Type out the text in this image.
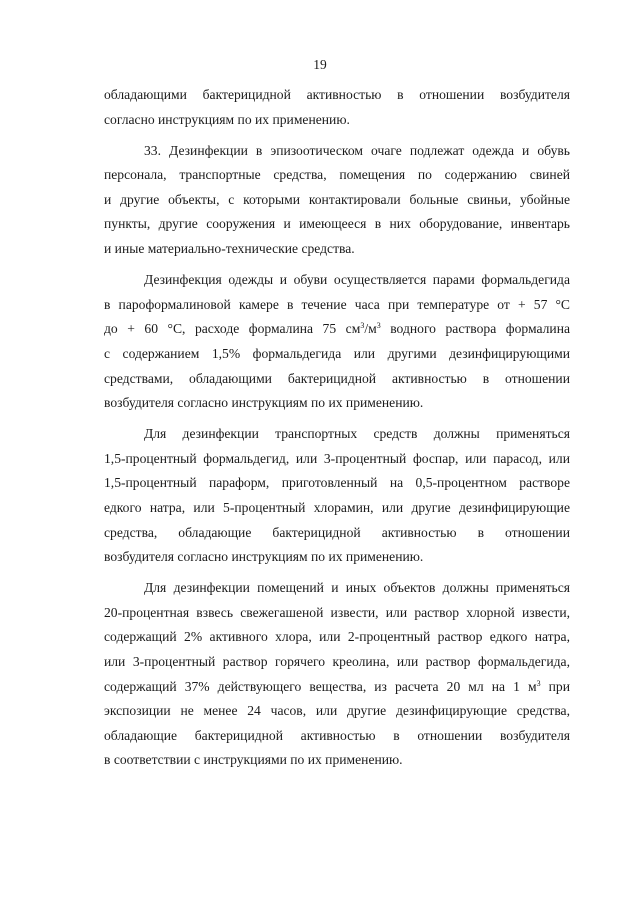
19
обладающими бактерицидной активностью в отношении возбудителя
согласно инструкциям по их применению.
33. Дезинфекции в эпизоотическом очаге подлежат одежда и обувь
персонала, транспортные средства, помещения по содержанию свиней
и другие объекты, с которыми контактировали больные свиньи, убойные
пункты, другие сооружения и имеющееся в них оборудование, инвентарь
и иные материально-технические средства.
Дезинфекция одежды и обуви осуществляется парами формальдегида
в пароформалиновой камере в течение часа при температуре от + 57 °С
до + 60 °С, расходе формалина 75 $см^3/м^3$ водного раствора формалина
с содержанием 1,5% формальдегида или другими дезинфицирующими
средствами, обладающими бактерицидной активностью в отношении
возбудителя согласно инструкциям по их применению.
Для дезинфекции транспортных средств должны применяться
1,5-процентный формальдегид, или 3-процентный фоспар, или парасод, или
1,5-процентный параформ, приготовленный на 0,5-процентном растворе
едкого натра, или 5-процентный хлорамин, или другие дезинфицирующие
средства, обладающие бактерицидной активностью в отношении
возбудителя согласно инструкциям по их применению.
Для дезинфекции помещений и иных объектов должны применяться
20-процентная взвесь свежегашеной извести, или раствор хлорной извести,
содержащий 2% активного хлора, или 2-процентный раствор едкого натра,
или 3-процентный раствор горячего креолина, или раствор формальдегида,
содержащий 37% действующего вещества, из расчета 20 мл на 1 $м^3$ при
экспозиции не менее 24 часов, или другие дезинфицирующие средства,
обладающие бактерицидной активностью в отношении возбудителя
в соответствии с инструкциями по их применению.
